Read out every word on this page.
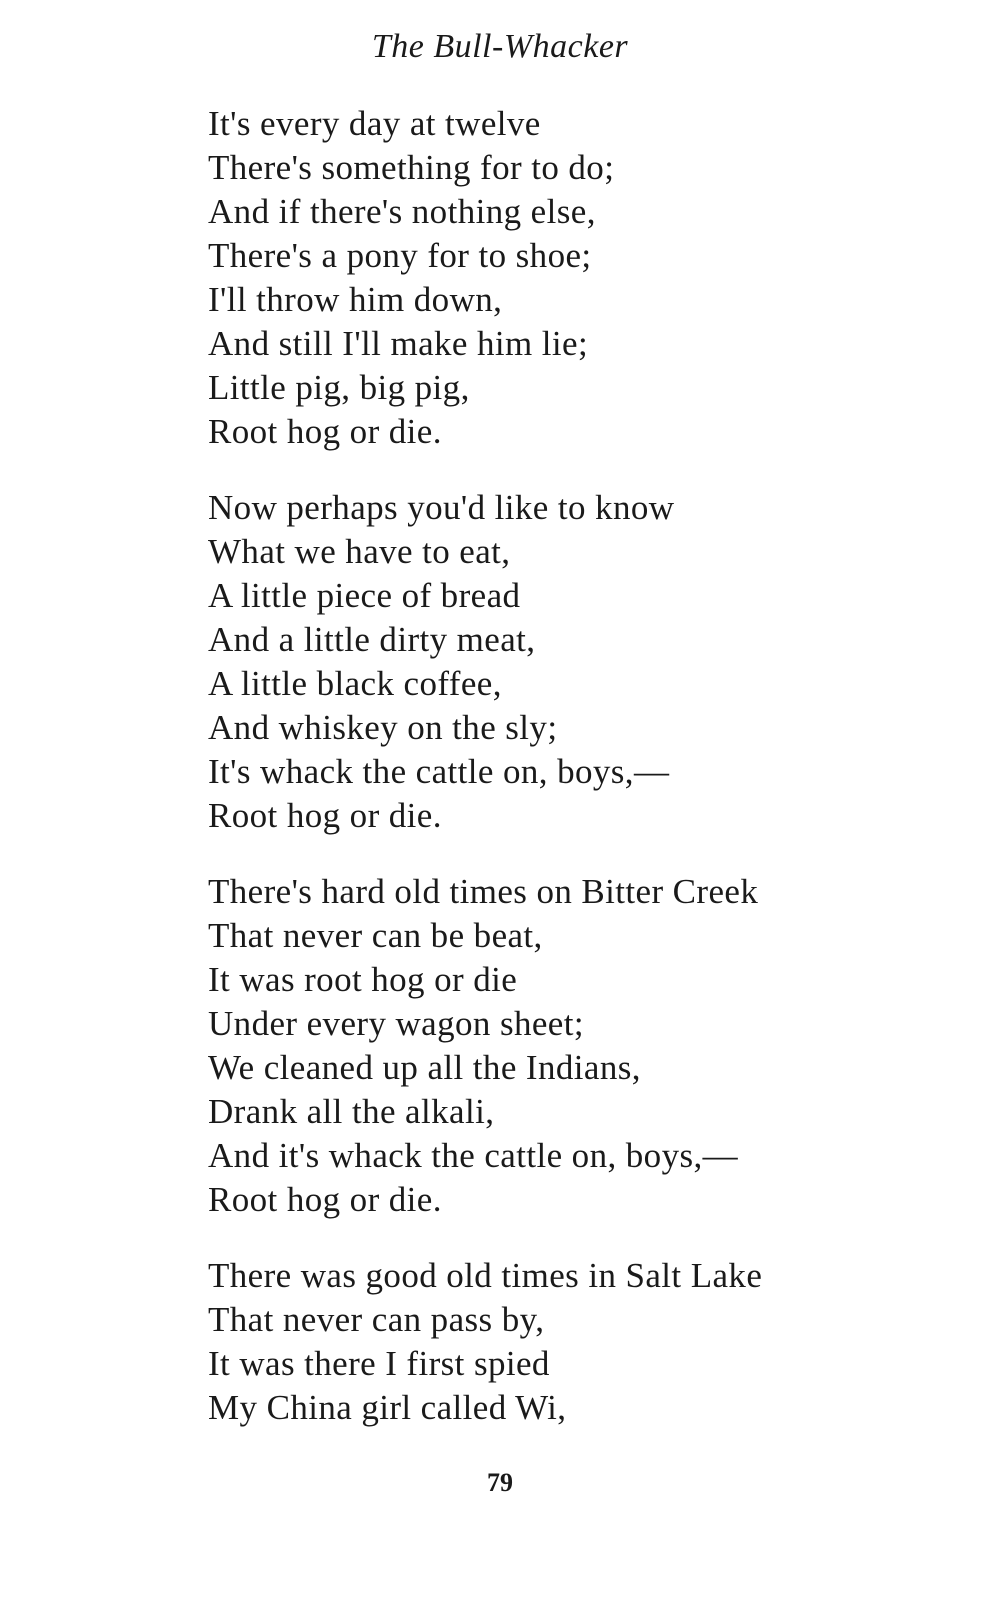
The Bull-Whacker
It's every day at twelve
There's something for to do;
And if there's nothing else,
There's a pony for to shoe;
I'll throw him down,
And still I'll make him lie;
Little pig, big pig,
Root hog or die.
Now perhaps you'd like to know
What we have to eat,
A little piece of bread
And a little dirty meat,
A little black coffee,
And whiskey on the sly;
It's whack the cattle on, boys,—
Root hog or die.
There's hard old times on Bitter Creek
That never can be beat,
It was root hog or die
Under every wagon sheet;
We cleaned up all the Indians,
Drank all the alkali,
And it's whack the cattle on, boys,—
Root hog or die.
There was good old times in Salt Lake
That never can pass by,
It was there I first spied
My China girl called Wi,
79
